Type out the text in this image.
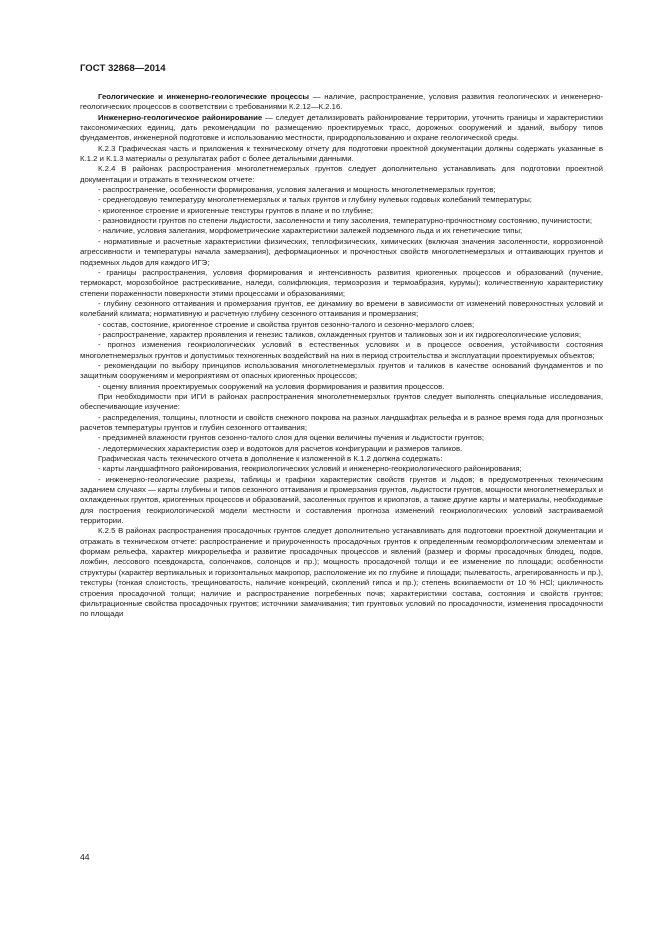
ГОСТ 32868—2014

Геологические и инженерно-геологические процессы — наличие, распространение, условия развития геологических и инженерно-геологических процессов в соответствии с требованиями К.2.12—К.2.16.

Инженерно-геологическое районирование — следует детализировать районирование территории, уточнить границы и характеристики таксономических единиц, дать рекомендации по размещению проектируемых трасс, дорожных сооружений и зданий, выбору типов фундаментов, инженерной подготовке и использованию местности, природопользованию и охране геологической среды.

К.2.3 Графическая часть и приложения к техническому отчету для подготовки проектной документации должны содержать указанные в К.1.2 и К.1.3 материалы о результатах работ с более детальными данными.

К.2.4 В районах распространения многолетнемерзлых грунтов следует дополнительно устанавливать для подготовки проектной документации и отражать в техническом отчете:

- распространение, особенности формирования, условия залегания и мощность многолетнемерзлых грунтов;

- среднегодовую температуру многолетнемерзлых и талых грунтов и глубину нулевых годовых колебаний температуры;

- криогенное строение и криогенные текстуры грунтов в плане и по глубине;

- разновидности грунтов по степени льдистости, засоленности и типу засоления, температурно-прочностному состоянию, пучинистости;

- наличие, условия залегания, морфометрические характеристики залежей подземного льда и их генетические типы;

- нормативные и расчетные характеристики физических, теплофизических, химических (включая значения засоленности, коррозионной агрессивности и температуры начала замерзания), деформационных и прочностных свойств многолетнемерзлых и оттаивающих грунтов и подземных льдов для каждого ИГЭ;

- границы распространения, условия формирования и интенсивность развития криогенных процессов и образований (пучение, термокарст, морозобойное растрескивание, наледи, солифлюкция, термоэрозия и термоабразия, курумы); количественную характеристику степени пораженности поверхности этими процессами и образованиями;

- глубину сезонного оттаивания и промерзания грунтов, ее динамику во времени в зависимости от изменений поверхностных условий и колебаний климата; нормативную и расчетную глубину сезонного оттаивания и промерзания;

- состав, состояние, криогенное строение и свойства грунтов сезонно-талого и сезонно-мерзлого слоев;

- распространение, характер проявления и генезис таликов, охлажденных грунтов и таликовых зон и их гидрогеологические условия;

- прогноз изменения геокриологических условий в естественных условиях и в процессе освоения, устойчивости состояния многолетнемерзлых грунтов и допустимых техногенных воздействий на них в период строительства и эксплуатации проектируемых объектов;

- рекомендации по выбору принципов использования многолетнемерзлых грунтов и таликов в качестве оснований фундаментов и по защитным сооружениям и мероприятиям от опасных криогенных процессов;

- оценку влияния проектируемых сооружений на условия формирования и развития процессов.

При необходимости при ИГИ в районах распространения многолетнемерзлых грунтов следует выполнять специальные исследования, обеспечивающие изучение:

- распределения, толщины, плотности и свойств снежного покрова на разных ландшафтах рельефа и в разное время года для прогнозных расчетов температуры грунтов и глубин сезонного оттаивания;

- предзимней влажности грунтов сезонно-талого слоя для оценки величины пучения и льдистости грунтов;

- ледотермических характеристик озер и водотоков для расчетов конфигурации и размеров таликов.

Графическая часть технического отчета в дополнение к изложенной в К.1.2 должна содержать:

- карты ландшафтного районирования, геокриологических условий и инженерно-геокриологического районирования;

- инженерно-геологические разрезы, таблицы и графики характеристик свойств грунтов и льдов; в предусмотренных техническим заданием случаях — карты глубины и типов сезонного оттаивания и промерзания грунтов, льдистости грунтов, мощности многолетнемерзлых и охлажденных грунтов, криогенных процессов и образований, засоленных грунтов и криопэгов, а также другие карты и материалы, необходимые для построения геокриологической модели местности и составления прогноза изменений геокриологических условий застраиваемой территории.

К.2.5 В районах распространения просадочных грунтов следует дополнительно устанавливать для подготовки проектной документации и отражать в техническом отчете: распространение и приуроченность просадочных грунтов к определенным геоморфологическим элементам и формам рельефа, характер микрорельефа и развитие просадочных процессов и явлений (размер и формы просадочных блюдец, подов, ложбин, лессового псевдокарста, солончаков, солонцов и пр.); мощность просадочной толщи и ее изменение по площади; особенности структуры (характер вертикальных и горизонтальных макропор, расположение их по глубине и площади; пылеватость, агрегированность и пр.), текстуры (тонкая слоистость, трещиноватость, наличие конкреций, скоплений гипса и пр.); степень вскипаемости от 10 % HCl; цикличность строения просадочной толщи; наличие и распространение погребенных почв; характеристики состава, состояния и свойств грунтов; фильтрационные свойства просадочных грунтов; источники замачивания; тип грунтовых условий по просадочности, изменения просадочности по площади

44
